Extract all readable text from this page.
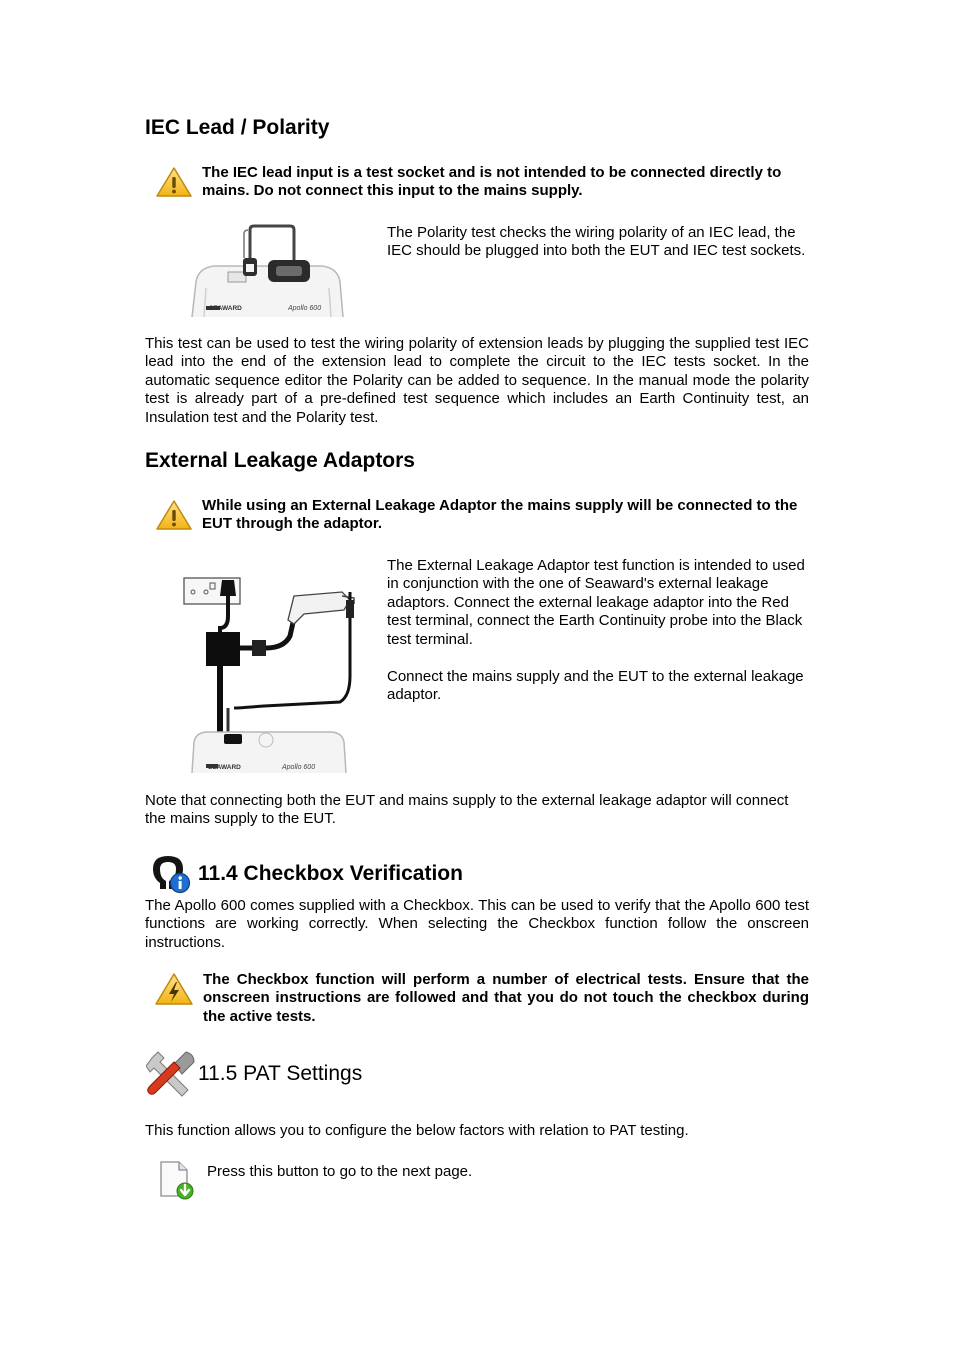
IEC Lead / Polarity
The IEC lead input is a test socket and is not intended to be connected directly to mains. Do not connect this input to the mains supply.
SEAWARD	Apollo 600
The Polarity test checks the wiring polarity of an IEC lead, the IEC should be plugged into both the EUT and IEC test sockets.
This test can be used to test the wiring polarity of extension leads by plugging the supplied test IEC lead into the end of the extension lead to complete the circuit to the IEC tests socket. In the automatic sequence editor the Polarity can be added to sequence. In the manual mode the polarity test is already part of a pre-defined test sequence which includes an Earth Continuity test, an Insulation test and the Polarity test.
External Leakage Adaptors
While using an External Leakage Adaptor the mains supply will be connected to the EUT through the adaptor.
SEAWARD	Apollo 600
The External Leakage Adaptor test function is intended to used in conjunction with the one of Seaward's external leakage adaptors. Connect the external leakage adaptor into the Red test terminal, connect the Earth Continuity probe into the Black test terminal.
Connect the mains supply and the EUT to the external leakage adaptor.
Note that connecting both the EUT and mains supply to the external leakage adaptor will connect the mains supply to the EUT.
11.4 Checkbox Verification
The Apollo 600 comes supplied with a Checkbox. This can be used to verify that the Apollo 600 test functions are working correctly. When selecting the Checkbox function follow the onscreen instructions.
The Checkbox function will perform a number of electrical tests. Ensure that the onscreen instructions are followed and that you do not touch the checkbox during the active tests.
11.5 PAT Settings
This function allows you to configure the below factors with relation to PAT testing.
Press this button to go to the next page.
